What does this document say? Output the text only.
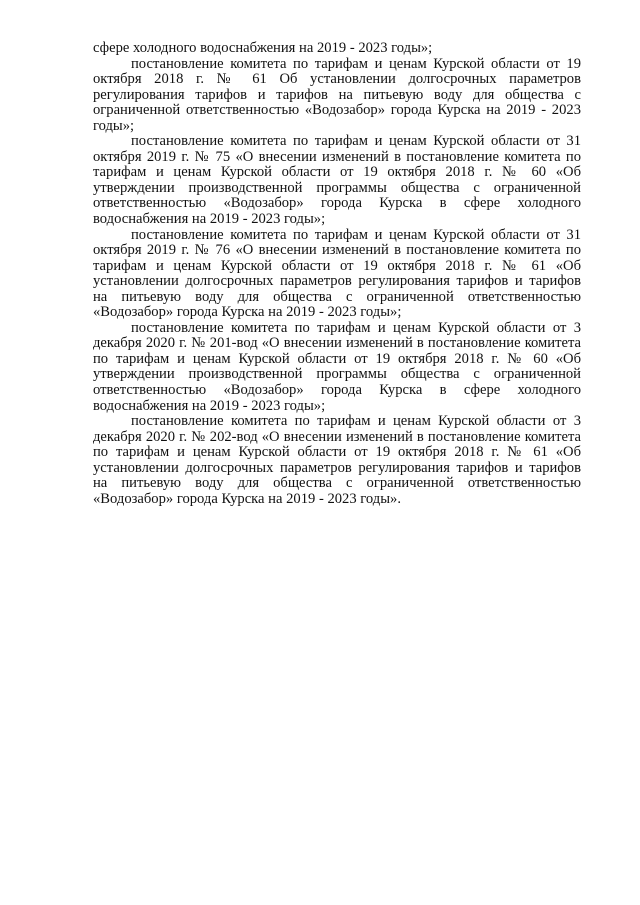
сфере холодного водоснабжения на 2019 - 2023 годы»;

постановление комитета по тарифам и ценам Курской области от 19 октября 2018 г. № 61 Об установлении долгосрочных параметров регулирования тарифов и тарифов на питьевую воду для общества с ограниченной ответственностью «Водозабор» города Курска на 2019 - 2023 годы»;

постановление комитета по тарифам и ценам Курской области от 31 октября 2019 г. № 75 «О внесении изменений в постановление комитета по тарифам и ценам Курской области от 19 октября 2018 г. № 60 «Об утверждении производственной программы общества с ограниченной ответственностью «Водозабор» города Курска в сфере холодного водоснабжения на 2019 - 2023 годы»;

постановление комитета по тарифам и ценам Курской области от 31 октября 2019 г. № 76 «О внесении изменений в постановление комитета по тарифам и ценам Курской области от 19 октября 2018 г. № 61 «Об установлении долгосрочных параметров регулирования тарифов и тарифов на питьевую воду для общества с ограниченной ответственностью «Водозабор» города Курска на 2019 - 2023 годы»;

постановление комитета по тарифам и ценам Курской области от 3 декабря 2020 г. № 201-вод «О внесении изменений в постановление комитета по тарифам и ценам Курской области от 19 октября 2018 г. № 60 «Об утверждении производственной программы общества с ограниченной ответственностью «Водозабор» города Курска в сфере холодного водоснабжения на 2019 - 2023 годы»;

постановление комитета по тарифам и ценам Курской области от 3 декабря 2020 г. № 202-вод «О внесении изменений в постановление комитета по тарифам и ценам Курской области от 19 октября 2018 г. № 61 «Об установлении долгосрочных параметров регулирования тарифов и тарифов на питьевую воду для общества с ограниченной ответственностью «Водозабор» города Курска на 2019 - 2023 годы».
